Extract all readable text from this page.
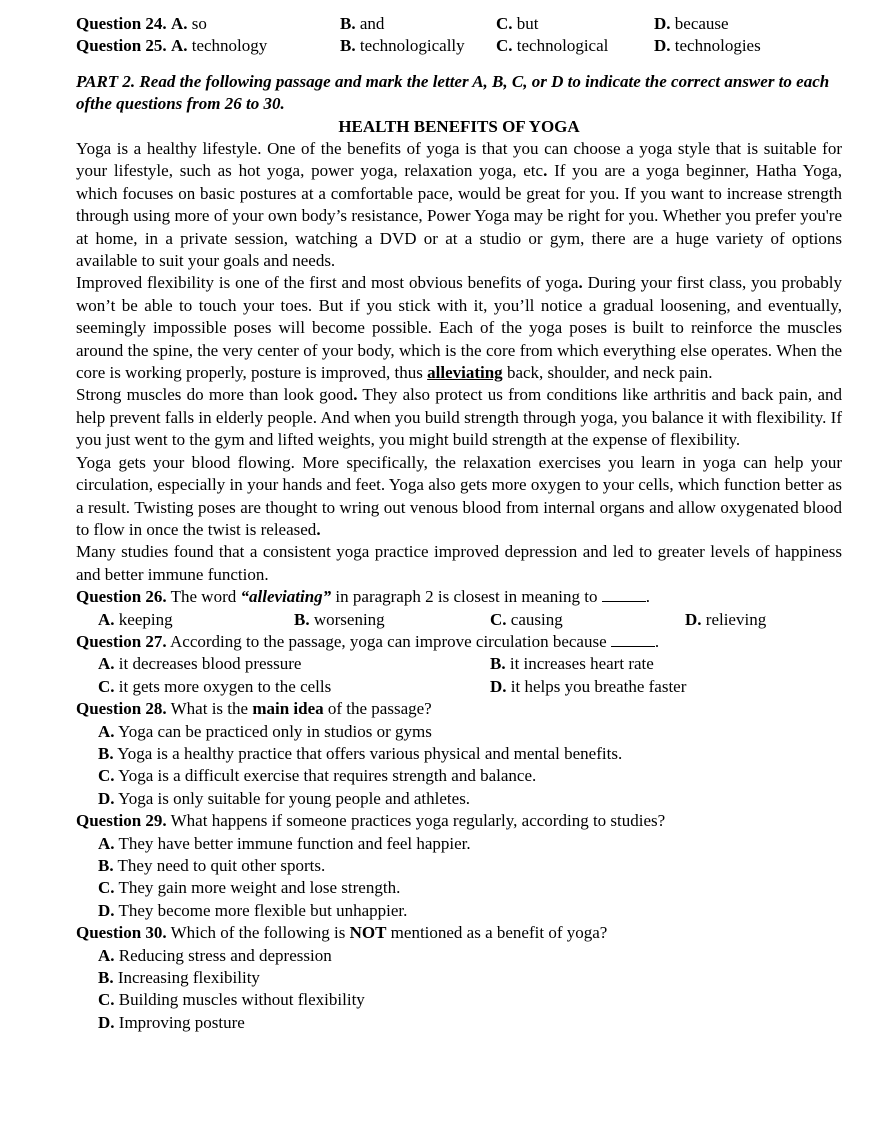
Question 24. A. so	B. and	C. but	D. because
Question 25. A. technology	B. technologically C. technological	D. technologies
PART 2. Read the following passage and mark the letter A, B, C, or D to indicate the correct answer to each ofthe questions from 26 to 30.
HEALTH BENEFITS OF YOGA
Yoga is a healthy lifestyle. One of the benefits of yoga is that you can choose a yoga style that is suitable for your lifestyle, such as hot yoga, power yoga, relaxation yoga, etc. If you are a yoga beginner, Hatha Yoga, which focuses on basic postures at a comfortable pace, would be great for you. If you want to increase strength through using more of your own body’s resistance, Power Yoga may be right for you. Whether you prefer you're at home, in a private session, watching a DVD or at a studio or gym, there are a huge variety of options available to suit your goals and needs.
Improved flexibility is one of the first and most obvious benefits of yoga. During your first class, you probably won’t be able to touch your toes. But if you stick with it, you’ll notice a gradual loosening, and eventually, seemingly impossible poses will become possible. Each of the yoga poses is built to reinforce the muscles around the spine, the very center of your body, which is the core from which everything else operates. When the core is working properly, posture is improved, thus alleviating back, shoulder, and neck pain.
Strong muscles do more than look good. They also protect us from conditions like arthritis and back pain, and help prevent falls in elderly people. And when you build strength through yoga, you balance it with flexibility. If you just went to the gym and lifted weights, you might build strength at the expense of flexibility.
Yoga gets your blood flowing. More specifically, the relaxation exercises you learn in yoga can help your circulation, especially in your hands and feet. Yoga also gets more oxygen to your cells, which function better as a result. Twisting poses are thought to wring out venous blood from internal organs and allow oxygenated blood to flow in once the twist is released.
Many studies found that a consistent yoga practice improved depression and led to greater levels of happiness and better immune function.
Question 26. The word “alleviating” in paragraph 2 is closest in meaning to	.
A. keeping	B. worsening	C. causing	D. relieving
Question 27. According to the passage, yoga can improve circulation because	.
A. it decreases blood pressure	B. it increases heart rate
C. it gets more oxygen to the cells	D. it helps you breathe faster
Question 28. What is the main idea of the passage?
A. Yoga can be practiced only in studios or gyms
B. Yoga is a healthy practice that offers various physical and mental benefits.
C. Yoga is a difficult exercise that requires strength and balance.
D. Yoga is only suitable for young people and athletes.
Question 29. What happens if someone practices yoga regularly, according to studies?
A. They have better immune function and feel happier.
B. They need to quit other sports.
C. They gain more weight and lose strength.
D. They become more flexible but unhappier.
Question 30. Which of the following is NOT mentioned as a benefit of yoga?
A. Reducing stress and depression
B. Increasing flexibility
C. Building muscles without flexibility
D. Improving posture
